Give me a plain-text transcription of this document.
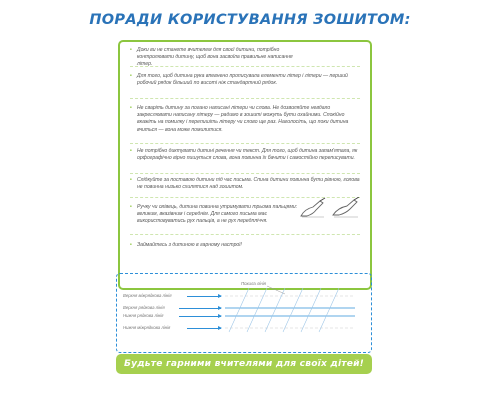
ПОРАДИ КОРИСТУВАННЯ ЗОШИТОМ:
• Доки ви не станете вчителем для своєї дитини, потрібно контролювати дитину, щоб вона засвоїла правильне написання літер.
• Для того, щоб дитина рука впевнено прописувала елементи літер і літери — перший робочий рядок більший по висоті ніж стандартний рядок.
• Не сваріть дитину за погано написані літери чи слова. Не дозволяйте невдало закреслювати написану літеру — радимо в зошиті можуть бути охайними. Спокійно вкажіть на помилку і перепишіть літеру чи слово ще раз. Наголосіть, що поки дитина вчиться — вона може помилитися.
• Не потрібно диктувати дитині речення чи текст. Для того, щоб дитина запам'ятала, як орфографічно вірно пишуться слова, вона повинна їх бачити і самостійно переписувати.
• Слідкуйте за поставою дитини під час письма. Спина дитини повинна бути рівною, голова не повинна низько схилятися над зошитом.
• Ручку чи олівець, дитина повинна утримувати трьома пальцями: великим, вказівним і середнім. Для самого письма має використовуватись рух пальців, а не рух передпліччя.
• Займайтесь з дитиною в гарному настрої!
Похила лінія
Верхня міжрядкова лінія
Верхня рядкова лінія
Нижня рядкова лінія
Нижня міжрядкова лінія
Будьте гарними вчителями для своїх дітей!
